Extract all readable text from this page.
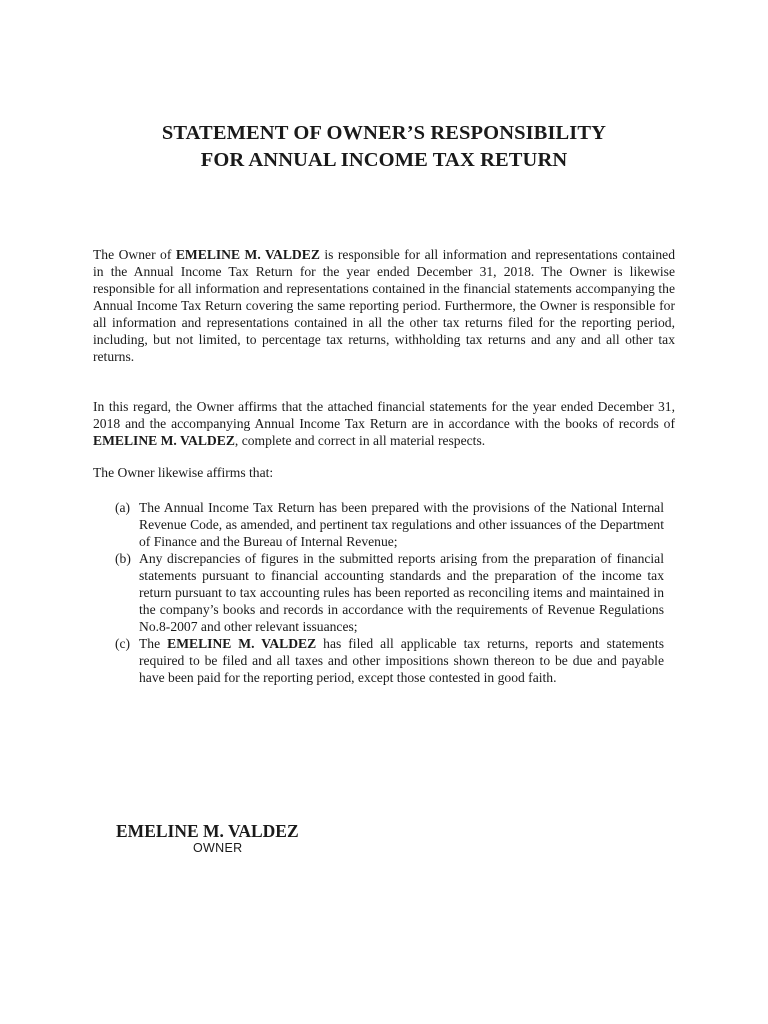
STATEMENT OF OWNER’S RESPONSIBILITY
FOR ANNUAL INCOME TAX RETURN
The Owner of EMELINE M. VALDEZ is responsible for all information and representations contained in the Annual Income Tax Return for the year ended December 31, 2018. The Owner is likewise responsible for all information and representations contained in the financial statements accompanying the Annual Income Tax Return covering the same reporting period. Furthermore, the Owner is responsible for all information and representations contained in all the other tax returns filed for the reporting period, including, but not limited, to percentage tax returns, withholding tax returns and any and all other tax returns.
In this regard, the Owner affirms that the attached financial statements for the year ended December 31, 2018 and the accompanying Annual Income Tax Return are in accordance with the books of records of EMELINE M. VALDEZ, complete and correct in all material respects.
The Owner likewise affirms that:
(a) The Annual Income Tax Return has been prepared with the provisions of the National Internal Revenue Code, as amended, and pertinent tax regulations and other issuances of the Department of Finance and the Bureau of Internal Revenue;
(b) Any discrepancies of figures in the submitted reports arising from the preparation of financial statements pursuant to financial accounting standards and the preparation of the income tax return pursuant to tax accounting rules has been reported as reconciling items and maintained in the company’s books and records in accordance with the requirements of Revenue Regulations No.8-2007 and other relevant issuances;
(c) The EMELINE M. VALDEZ has filed all applicable tax returns, reports and statements required to be filed and all taxes and other impositions shown thereon to be due and payable have been paid for the reporting period, except those contested in good faith.
EMELINE M. VALDEZ
OWNER
